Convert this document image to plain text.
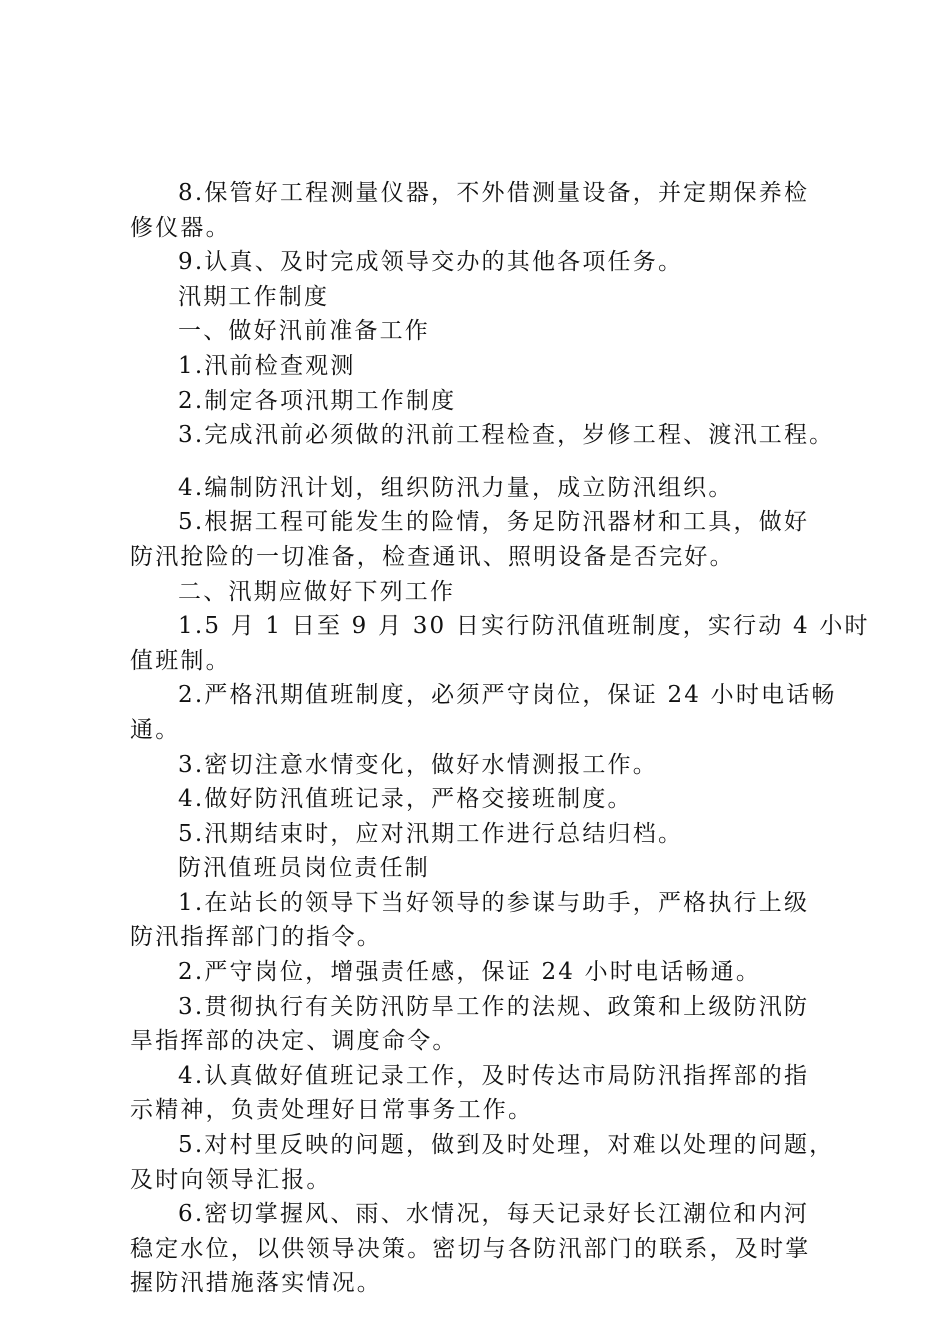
8.保管好工程测量仪器，不外借测量设备，并定期保养检
修仪器。
9.认真、及时完成领导交办的其他各项任务。
汛期工作制度
一、做好汛前准备工作
1.汛前检查观测
2.制定各项汛期工作制度
3.完成汛前必须做的汛前工程检查，岁修工程、渡汛工程。
4.编制防汛计划，组织防汛力量，成立防汛组织。
5.根据工程可能发生的险情，务足防汛器材和工具，做好
防汛抢险的一切准备，检查通讯、照明设备是否完好。
二、汛期应做好下列工作
1.5 月 1 日至 9 月 30 日实行防汛值班制度，实行动 4 小时
值班制。
2.严格汛期值班制度，必须严守岗位，保证 24 小时电话畅
通。
3.密切注意水情变化，做好水情测报工作。
4.做好防汛值班记录，严格交接班制度。
5.汛期结束时，应对汛期工作进行总结归档。
防汛值班员岗位责任制
1.在站长的领导下当好领导的参谋与助手，严格执行上级
防汛指挥部门的指令。
2.严守岗位，增强责任感，保证 24 小时电话畅通。
3.贯彻执行有关防汛防旱工作的法规、政策和上级防汛防
旱指挥部的决定、调度命令。
4.认真做好值班记录工作，及时传达市局防汛指挥部的指
示精神，负责处理好日常事务工作。
5.对村里反映的问题，做到及时处理，对难以处理的问题，
及时向领导汇报。
6.密切掌握风、雨、水情况，每天记录好长江潮位和内河
稳定水位，以供领导决策。密切与各防汛部门的联系，及时掌
握防汛措施落实情况。
